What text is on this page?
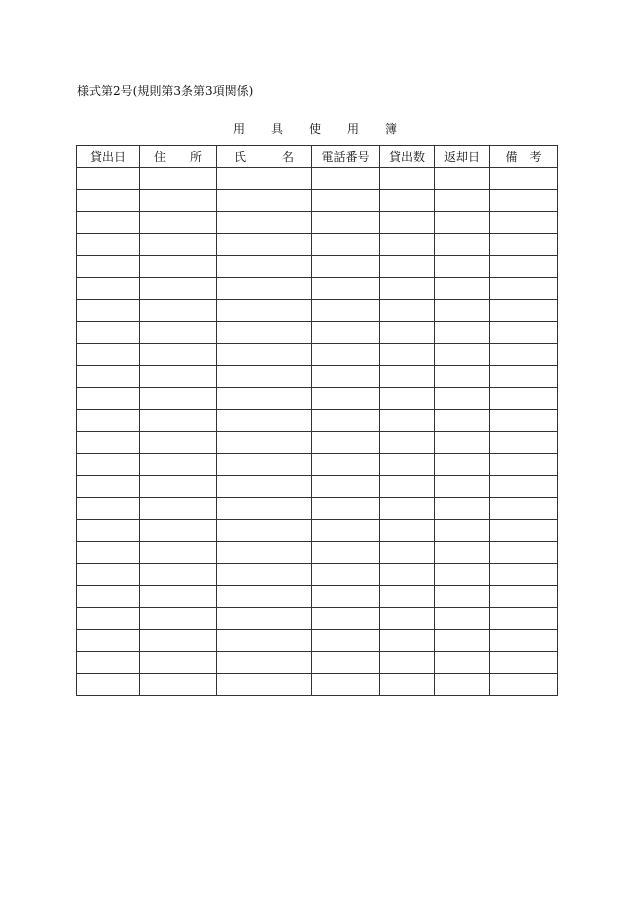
様式第2号(規則第3条第3項関係)
用 具 使 用 簿
貸出日	住　　所	氏　　　名	電話番号	貸出数	返却日	備　考
